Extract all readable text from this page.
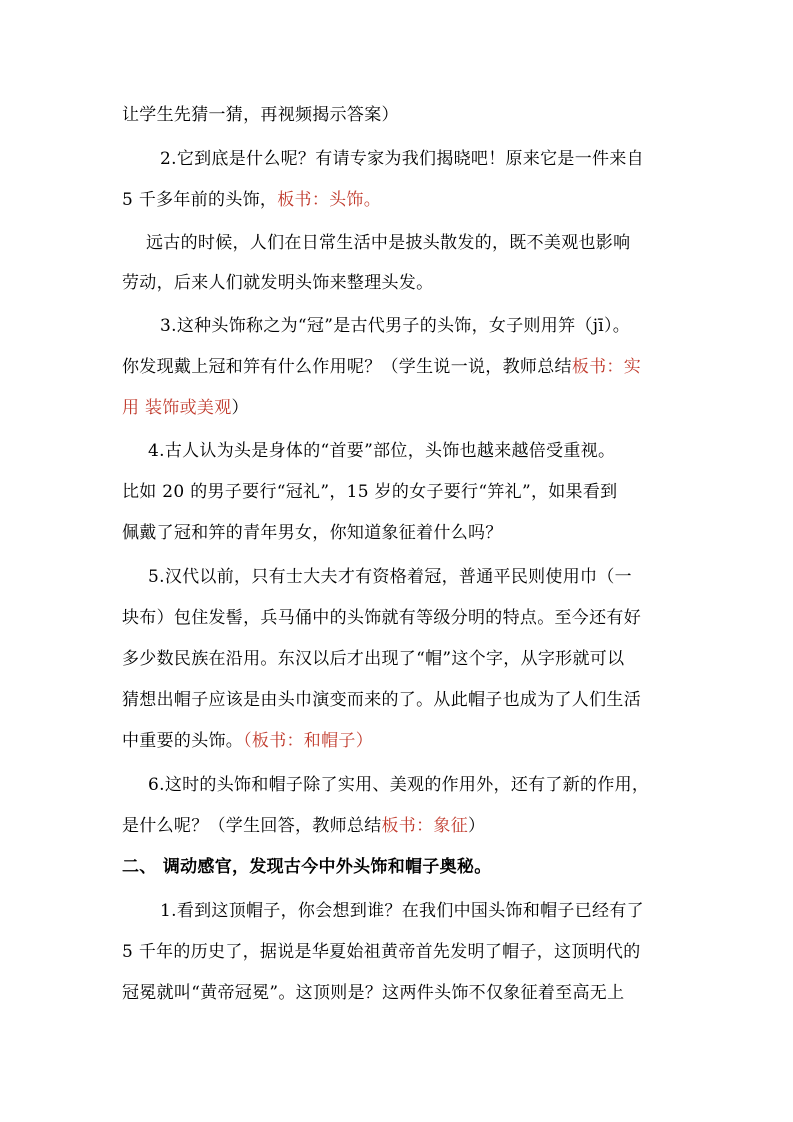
让学生先猜一猜，再视频揭示答案）
2.它到底是什么呢？有请专家为我们揭晓吧！原来它是一件来自
5 千多年前的头饰，板书：头饰。
远古的时候，人们在日常生活中是披头散发的，既不美观也影响
劳动，后来人们就发明头饰来整理头发。
3.这种头饰称之为“冠”是古代男子的头饰，女子则用笄（jī）。
你发现戴上冠和笄有什么作用呢？（学生说一说，教师总结板书：实
用 装饰或美观）
4.古人认为头是身体的“首要”部位，头饰也越来越倍受重视。
比如 20 的男子要行“冠礼”，15 岁的女子要行“笄礼”，如果看到
佩戴了冠和笄的青年男女，你知道象征着什么吗？
5.汉代以前，只有士大夫才有资格着冠，普通平民则使用巾（一
块布）包住发髻，兵马俑中的头饰就有等级分明的特点。至今还有好
多少数民族在沿用。东汉以后才出现了“帽”这个字，从字形就可以
猜想出帽子应该是由头巾演变而来的了。从此帽子也成为了人们生活
中重要的头饰。（板书：和帽子）
6.这时的头饰和帽子除了实用、美观的作用外，还有了新的作用，
是什么呢？（学生回答，教师总结板书：象征）
二、 调动感官，发现古今中外头饰和帽子奥秘。
1.看到这顶帽子，你会想到谁？在我们中国头饰和帽子已经有了
5 千年的历史了，据说是华夏始祖黄帝首先发明了帽子，这顶明代的
冠冕就叫“黄帝冠冕”。这顶则是？这两件头饰不仅象征着至高无上
